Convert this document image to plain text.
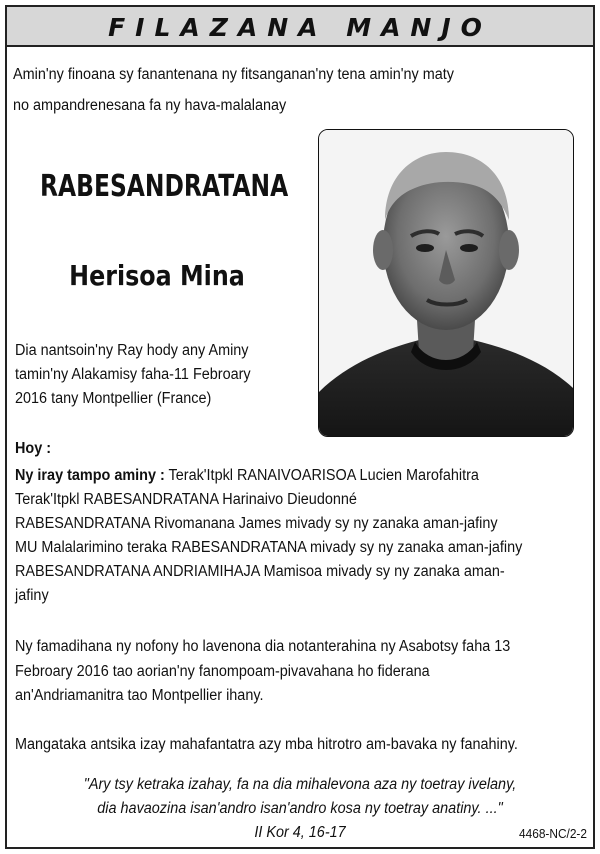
FILAZANA MANJO
Amin'ny finoana sy fanantenana ny fitsanganan'ny tena amin'ny maty
no ampandrenesana fa ny hava-malalanay
RABESANDRATANA
Herisoa Mina
Dia nantsoin'ny Ray hody any Aminy
tamin'ny Alakamisy faha-11 Febroary
2016 tany Montpellier (France)
Hoy :
Ny iray tampo aminy : Terak'Itpkl RANAIVOARISOA Lucien Marofahitra
Terak'Itpkl RABESANDRATANA Harinaivo Dieudonné
RABESANDRATANA Rivomanana James mivady sy ny zanaka aman-jafiny
MU Malalarimino teraka RABESANDRATANA mivady sy ny zanaka aman-jafiny
RABESANDRATANA ANDRIAMIHAJA Mamisoa mivady sy ny zanaka aman-
jafiny
Ny famadihana ny nofony ho lavenona dia notanterahina ny Asabotsy faha 13
Febroary 2016 tao aorian'ny fanompoam-pivavahana ho fiderana
an'Andriamanitra tao Montpellier ihany.
Mangataka antsika izay mahafantatra azy mba hitrotro am-bavaka ny fanahiny.
"Ary tsy ketraka izahay, fa na dia mihalevona aza ny toetray ivelany,
dia havaozina isan'andro isan'andro kosa ny toetray anatiny. ..."
II Kor 4, 16-17	4468-NC/2-2
